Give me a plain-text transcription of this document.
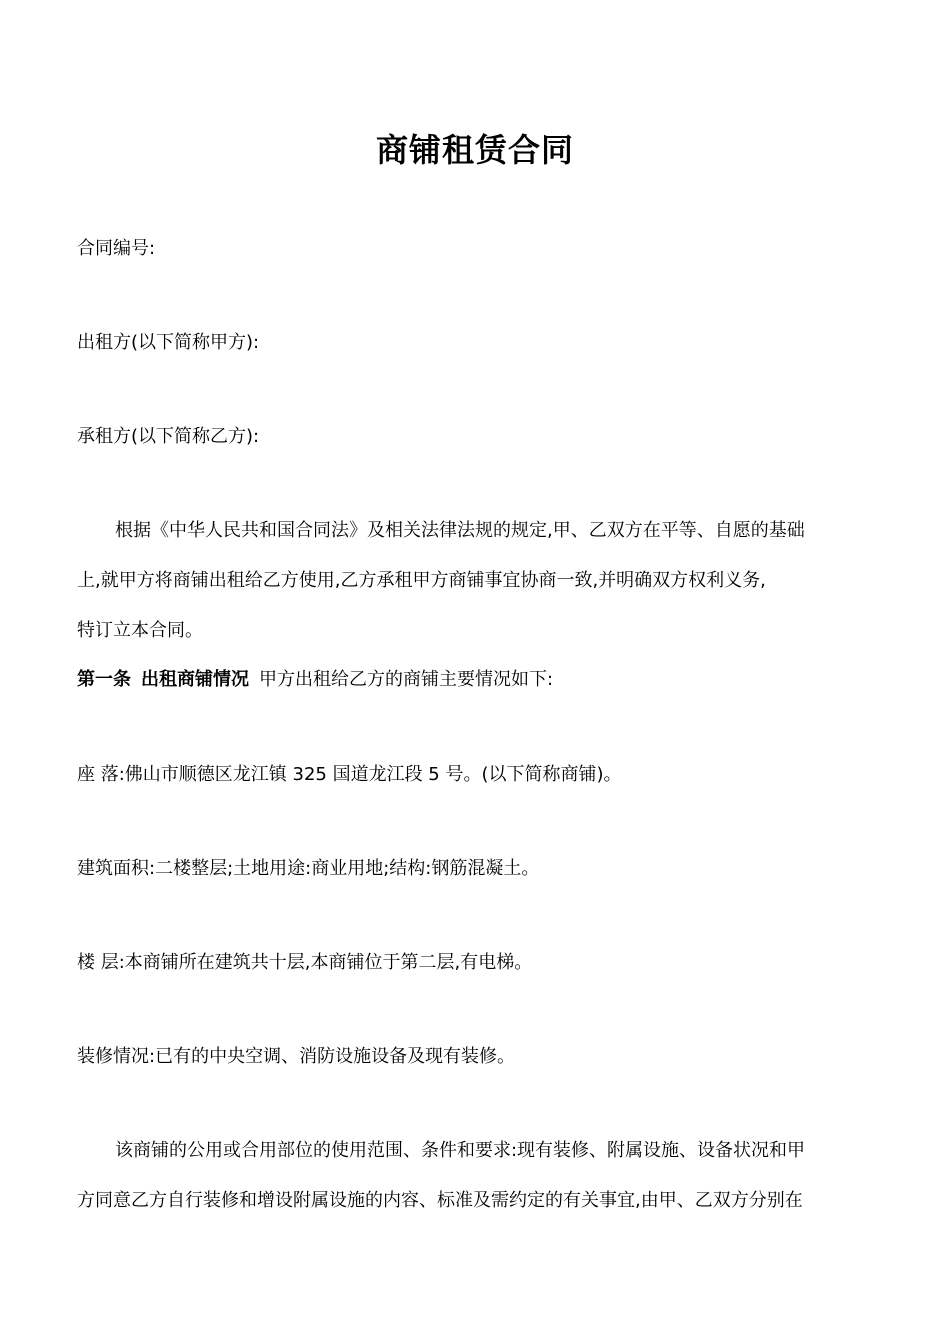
商铺租赁合同
合同编号:
出租方(以下简称甲方):
承租方(以下简称乙方):
根据《中华人民共和国合同法》及相关法律法规的规定,甲、乙双方在平等、自愿的基础
上,就甲方将商铺出租给乙方使用,乙方承租甲方商铺事宜协商一致,并明确双方权利义务,
特订立本合同。
第一条 出租商铺情况 甲方出租给乙方的商铺主要情况如下:
座 落:佛山市顺德区龙江镇 325 国道龙江段 5 号。(以下简称商铺)。
建筑面积:二楼整层;土地用途:商业用地;结构:钢筋混凝土。
楼 层:本商铺所在建筑共十层,本商铺位于第二层,有电梯。
装修情况:已有的中央空调、消防设施设备及现有装修。
该商铺的公用或合用部位的使用范围、条件和要求:现有装修、附属设施、设备状况和甲
方同意乙方自行装修和增设附属设施的内容、标准及需约定的有关事宜,由甲、乙双方分别在
